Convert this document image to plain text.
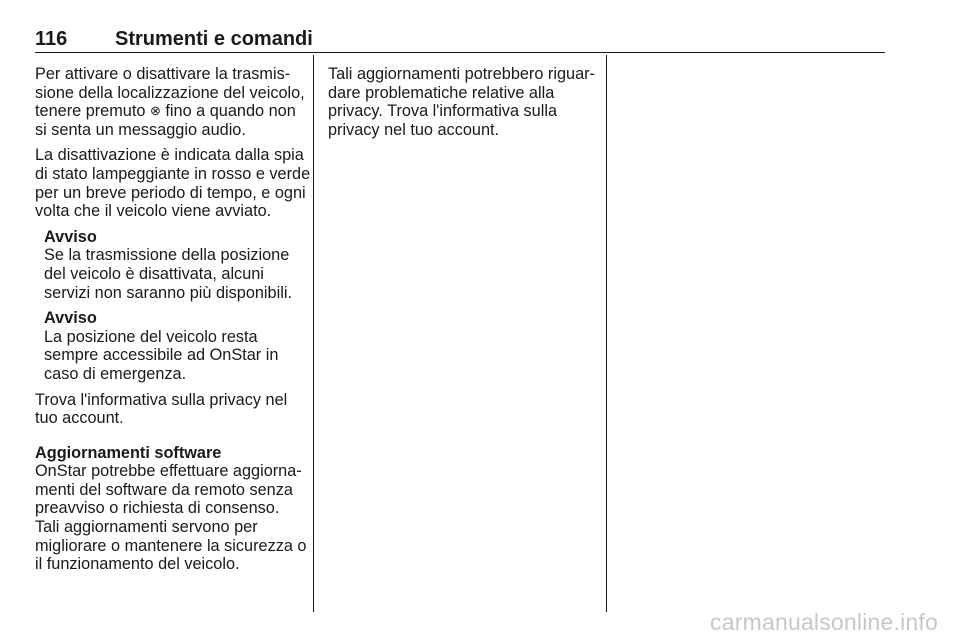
116 Strumenti e comandi
Per attivare o disattivare la trasmis-
sione della localizzazione del veicolo,
tenere premuto ⊗ fino a quando non
si senta un messaggio audio.
La disattivazione è indicata dalla spia
di stato lampeggiante in rosso e verde
per un breve periodo di tempo, e ogni
volta che il veicolo viene avviato.
Avviso
Se la trasmissione della posizione
del veicolo è disattivata, alcuni
servizi non saranno più disponibili.
Avviso
La posizione del veicolo resta
sempre accessibile ad OnStar in
caso di emergenza.
Trova l'informativa sulla privacy nel
tuo account.
Aggiornamenti software
OnStar potrebbe effettuare aggiorna-
menti del software da remoto senza
preavviso o richiesta di consenso.
Tali aggiornamenti servono per
migliorare o mantenere la sicurezza o
il funzionamento del veicolo.
Tali aggiornamenti potrebbero riguar-
dare problematiche relative alla
privacy. Trova l'informativa sulla
privacy nel tuo account.
carmanualsonline.info
